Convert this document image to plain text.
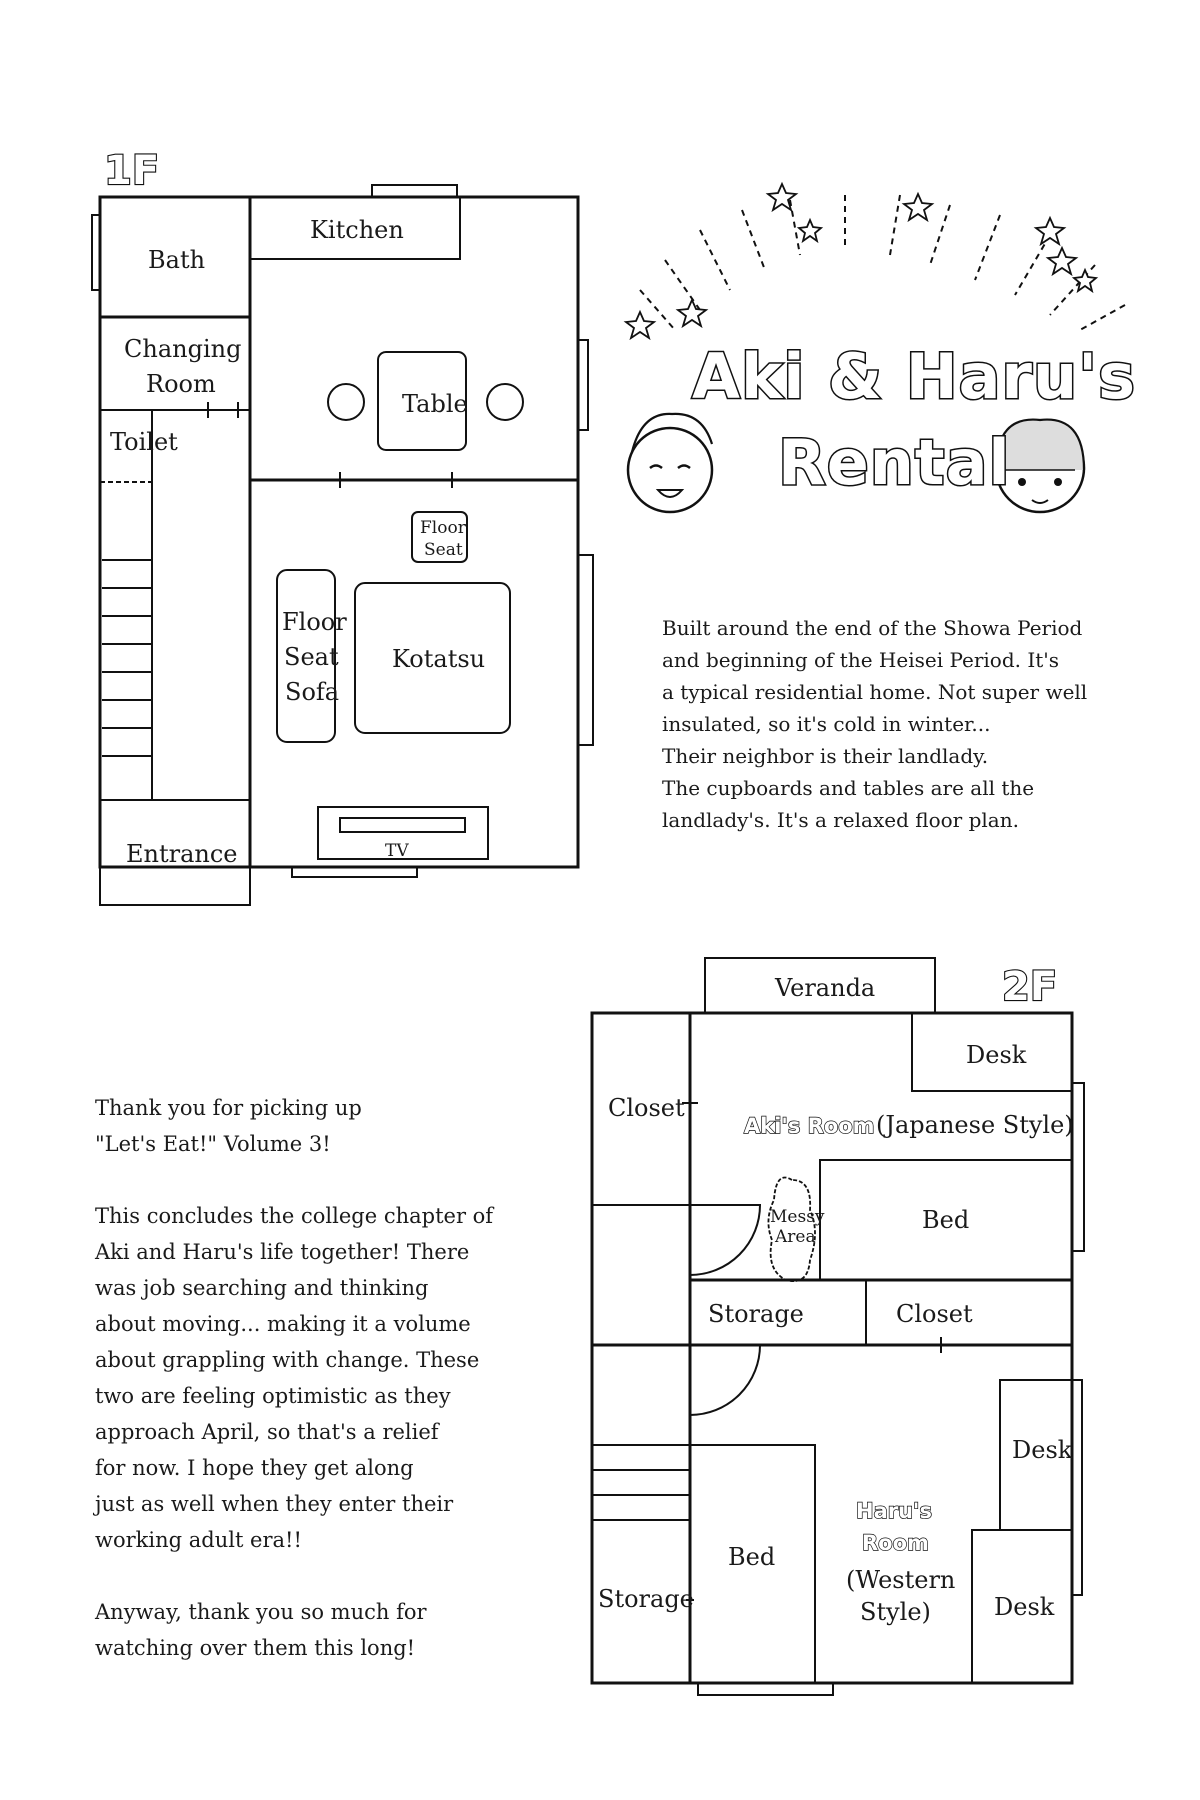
1F
Bath
Kitchen
Changing
Room
Toilet
Table
Floor
Seat
Floor
Seat
Sofa
Kotatsu
Entrance	TV
Aki & Haru's
Rental
2F
Veranda
Desk
Closet
Aki's Room (Japanese Style)
Messy
Area
Bed
Storage	Closet
Desk
Bed
Haru's
Room
(Western
Style)	Desk
Storage
Built around the end of the Showa Period
and beginning of the Heisei Period. It's
a typical residential home. Not super well
insulated, so it's cold in winter...
Their neighbor is their landlady.
The cupboards and tables are all the
landlady's. It's a relaxed floor plan.

Thank you for picking up
"Let's Eat!" Volume 3!

This concludes the college chapter of
Aki and Haru's life together! There
was job searching and thinking
about moving... making it a volume
about grappling with change. These
two are feeling optimistic as they
approach April, so that's a relief
for now. I hope they get along
just as well when they enter their
working adult era!!

Anyway, thank you so much for
watching over them this long!
